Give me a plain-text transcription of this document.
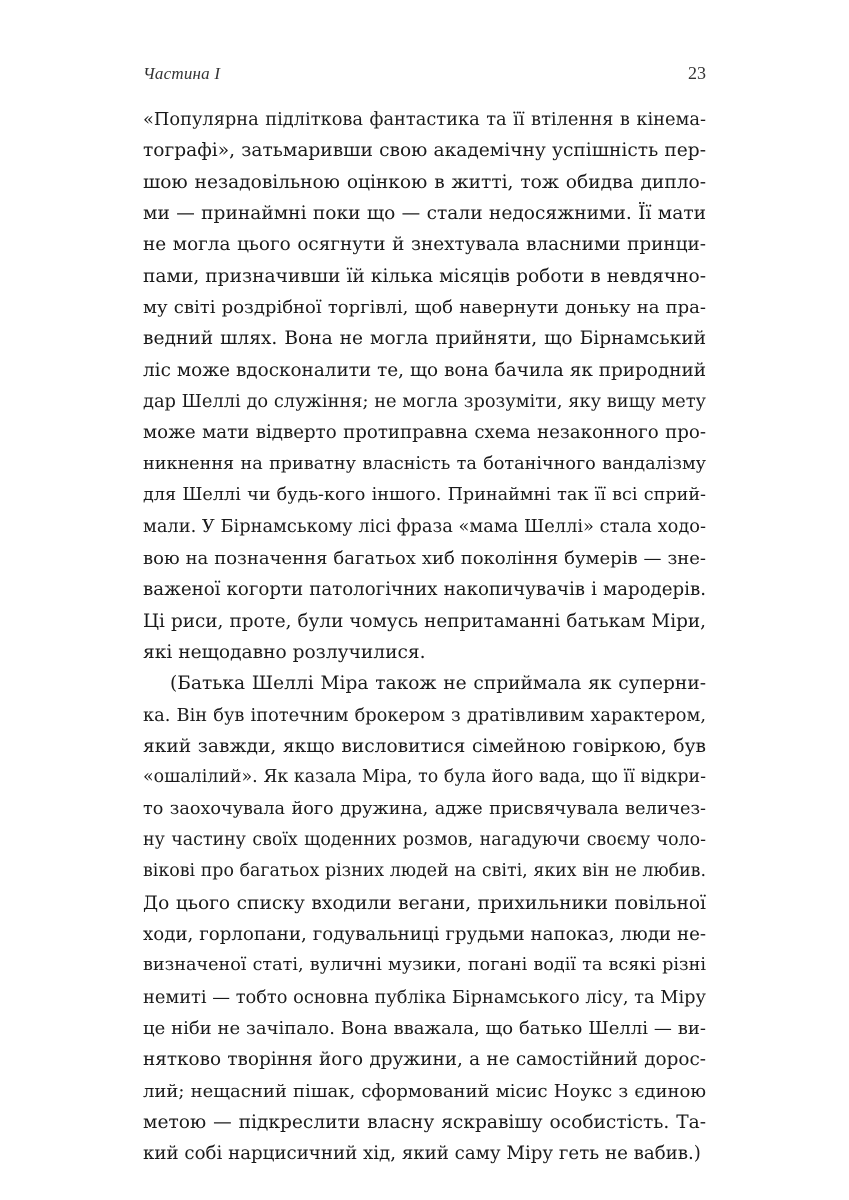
Частина І	23
«Популярна підліткова фантастика та її втілення в кінема-
тографі», затьмаривши свою академічну успішність пер-
шою незадовільною оцінкою в житті, тож обидва дипло-
ми — принаймні поки що — стали недосяжними. Її мати
не могла цього осягнути й знехтувала власними принци-
пами, призначивши їй кілька місяців роботи в невдячно-
му світі роздрібної торгівлі, щоб навернути доньку на пра-
ведний шлях. Вона не могла прийняти, що Бірнамський
ліс може вдосконалити те, що вона бачила як природний
дар Шеллі до служіння; не могла зрозуміти, яку вищу мету
може мати відверто протиправна схема незаконного про-
никнення на приватну власність та ботанічного вандалізму
для Шеллі чи будь-кого іншого. Принаймні так її всі сприй-
мали. У Бірнамському лісі фраза «мама Шеллі» стала ходо-
вою на позначення багатьох хиб покоління бумерів — зне-
важеної когорти патологічних накопичувачів і мародерів.
Ці риси, проте, були чомусь непритаманні батькам Міри,
які нещодавно розлучилися.
(Батька Шеллі Міра також не сприймала як суперни-
ка. Він був іпотечним брокером з дратівливим характером,
який завжди, якщо висловитися сімейною говіркою, був
«ошалілий». Як казала Міра, то була його вада, що її відкри-
то заохочувала його дружина, адже присвячувала величез-
ну частину своїх щоденних розмов, нагадуючи своєму чоло-
вікові про багатьох різних людей на світі, яких він не любив.
До цього списку входили вегани, прихильники повільної
ходи, горлопани, годувальниці грудьми напоказ, люди не-
визначеної статі, вуличні музики, погані водії та всякі різні
немиті — тобто основна публіка Бірнамського лісу, та Міру
це ніби не зачіпало. Вона вважала, що батько Шеллі — ви-
нятково творіння його дружини, а не самостійний дорос-
лий; нещасний пішак, сформований місис Ноукс з єдиною
метою — підкреслити власну яскравішу особистість. Та-
кий собі нарцисичний хід, який саму Міру геть не вабив.)
